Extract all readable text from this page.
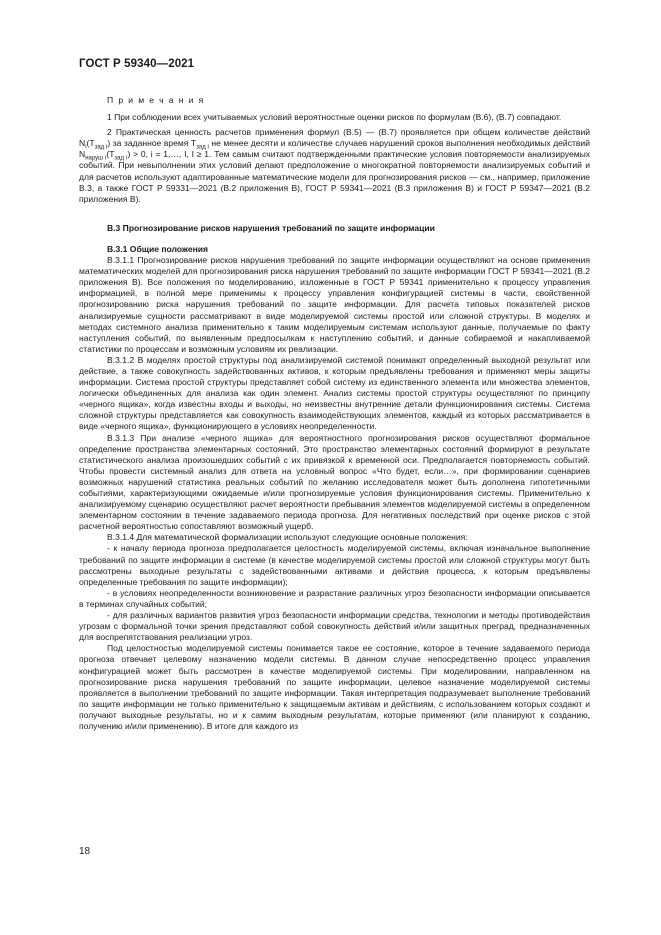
ГОСТ Р 59340—2021

П р и м е ч а н и я

1 При соблюдении всех учитываемых условий вероятностные оценки рисков по формулам (В.6), (В.7) совпадают.

2 Практическая ценность расчетов применения формул (В.5) — (В.7) проявляется при общем количестве действий $N_i(T_{зад i})$ за заданное время $T_{зад i}$ не менее десяти и количестве случаев нарушений сроков выполнения необходимых действий $N_{наруш i}(T_{зад i}) > 0$, i = 1,…, I, I ≥ 1. Тем самым считают подтвержденными практические условия повторяемости анализируемых событий. При невыполнении этих условий делают предположение о многократной повторяемости анализируемых событий и для расчетов используют адаптированные математические модели для прогнозирования рисков — см., например, приложение В.3, а также ГОСТ Р 59331—2021 (В.2 приложения В), ГОСТ Р 59341—2021 (В.3 приложения В) и ГОСТ Р 59347—2021 (В.2 приложения В).

В.3 Прогнозирование рисков нарушения требований по защите информации

В.3.1 Общие положения

В.3.1.1 Прогнозирование рисков нарушения требований по защите информации осуществляют на основе применения математических моделей для прогнозирования риска нарушения требований по защите информации ГОСТ Р 59341—2021 (В.2 приложения В). Все положения по моделированию, изложенные в ГОСТ Р 59341 применительно к процессу управления информацией, в полной мере применимы к процессу управления конфигурацией системы в части, свойственной прогнозированию риска нарушения требований по защите информации. Для расчета типовых показателей рисков анализируемые сущности рассматривают в виде моделируемой системы простой или сложной структуры. В моделях и методах системного анализа применительно к таким моделируемым системам используют данные, получаемые по факту наступления событий, по выявленным предпосылкам к наступлению событий, и данные собираемой и накапливаемой статистики по процессам и возможным условиям их реализации.

В.3.1.2 В моделях простой структуры под анализируемой системой понимают определенный выходной результат или действие, а также совокупность задействованных активов, к которым предъявлены требования и применяют меры защиты информации. Система простой структуры представляет собой систему из единственного элемента или множества элементов, логически объединенных для анализа как один элемент. Анализ системы простой структуры осуществляют по принципу «черного ящика», когда известны входы и выходы, но неизвестны внутренние детали функционирования системы. Система сложной структуры представляется как совокупность взаимодействующих элементов, каждый из которых рассматривается в виде «черного ящика», функционирующего в условиях неопределенности.

В.3.1.3 При анализе «черного ящика» для вероятностного прогнозирования рисков осуществляют формальное определение пространства элементарных состояний. Это пространство элементарных состояний формируют в результате статистического анализа произошедших событий с их привязкой к временной оси. Предполагается повторяемость событий. Чтобы провести системный анализ для ответа на условный вопрос «Что будет, если…», при формировании сценариев возможных нарушений статистика реальных событий по желанию исследователя может быть дополнена гипотетичными событиями, характеризующими ожидаемые и/или прогнозируемые условия функционирования системы. Применительно к анализируемому сценарию осуществляют расчет вероятности пребывания элементов моделируемой системы в определенном элементарном состоянии в течение задаваемого периода прогноза. Для негативных последствий при оценке рисков с этой расчетной вероятностью сопоставляют возможный ущерб.

В.3.1.4 Для математической формализации используют следующие основные положения:

- к началу периода прогноза предполагается целостность моделируемой системы, включая изначальное выполнение требований по защите информации в системе (в качестве моделируемой системы простой или сложной структуры могут быть рассмотрены выходные результаты с задействованными активами и действия процесса, к которым предъявлены определенные требования по защите информации);

- в условиях неопределенности возникновение и разрастание различных угроз безопасности информации описывается в терминах случайных событий;

- для различных вариантов развития угроз безопасности информации средства, технологии и методы противодействия угрозам с формальной точки зрения представляют собой совокупность действий и/или защитных преград, предназначенных для воспрепятствования реализации угроз.

Под целостностью моделируемой системы понимается такое ее состояние, которое в течение задаваемого периода прогноза отвечает целевому назначению модели системы. В данном случае непосредственно процесс управления конфигурацией может быть рассмотрен в качестве моделируемой системы. При моделировании, направленном на прогнозирование риска нарушения требований по защите информации, целевое назначение моделируемой системы проявляется в выполнении требований по защите информации. Такая интерпретация подразумевает выполнение требований по защите информации не только применительно к защищаемым активам и действиям, с использованием которых создают и получают выходные результаты, но и к самим выходным результатам, которые применяют (или планируют к созданию, получению и/или применению). В итоге для каждого из

18
